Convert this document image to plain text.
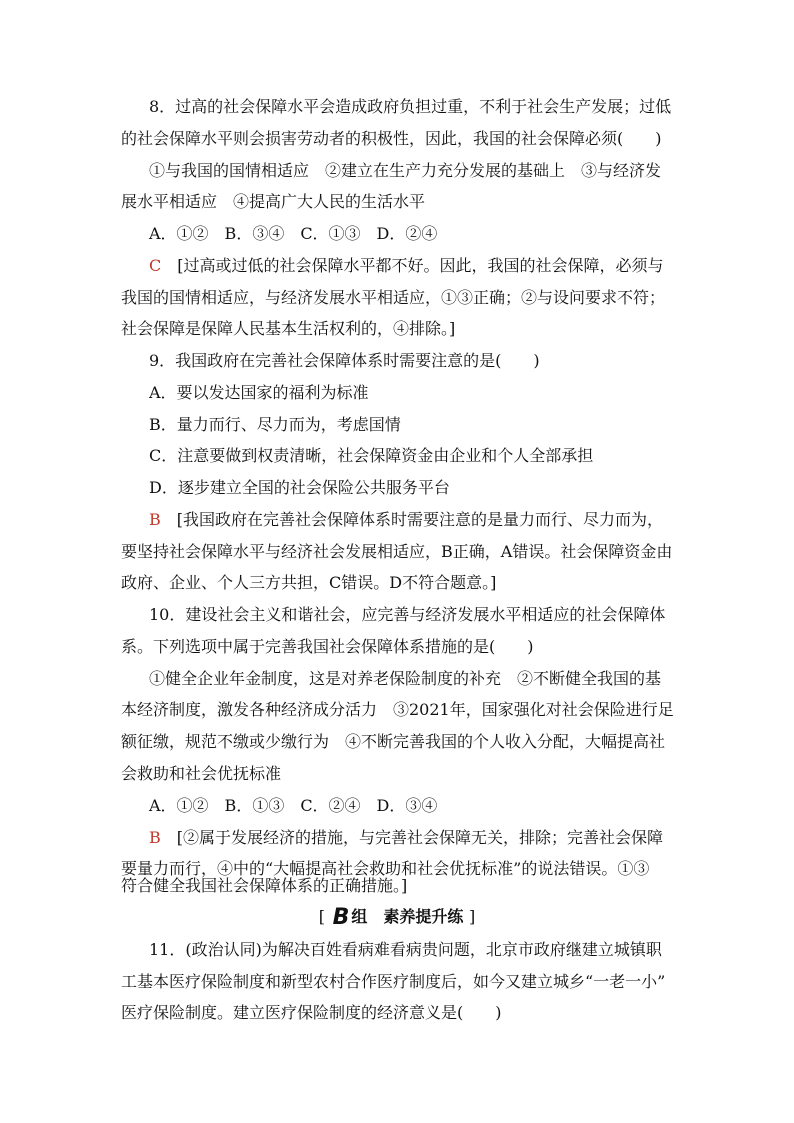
8．过高的社会保障水平会造成政府负担过重，不利于社会生产发展；过低
的社会保障水平则会损害劳动者的积极性，因此，我国的社会保障必须(　　)
①与我国的国情相适应　②建立在生产力充分发展的基础上　③与经济发
展水平相适应　④提高广大人民的生活水平
A．①②　B．③④　C．①③　D．②④
C　 [过高或过低的社会保障水平都不好。因此，我国的社会保障，必须与
我国的国情相适应，与经济发展水平相适应，①③正确；②与设问要求不符；
社会保障是保障人民基本生活权利的，④排除。]
9．我国政府在完善社会保障体系时需要注意的是(　　)
A．要以发达国家的福利为标准
B．量力而行、尽力而为，考虑国情
C．注意要做到权责清晰，社会保障资金由企业和个人全部承担
D．逐步建立全国的社会保险公共服务平台
B　 [我国政府在完善社会保障体系时需要注意的是量力而行、尽力而为，
要坚持社会保障水平与经济社会发展相适应，B正确，A错误。社会保障资金由
政府、企业、个人三方共担，C错误。D不符合题意。]
10．建设社会主义和谐社会，应完善与经济发展水平相适应的社会保障体
系。下列选项中属于完善我国社会保障体系措施的是(　　)
①健全企业年金制度，这是对养老保险制度的补充　②不断健全我国的基
本经济制度，激发各种经济成分活力　③2021年，国家强化对社会保险进行足
额征缴，规范不缴或少缴行为　④不断完善我国的个人收入分配，大幅提高社
会救助和社会优抚标准
A．①②　B．①③　C．②④　D．③④
B　 [②属于发展经济的措施，与完善社会保障无关，排除；完善社会保障
要量力而行，④中的“大幅提高社会救助和社会优抚标准”的说法错误。①③
符合健全我国社会保障体系的正确措施。]
[ B 组　素养提升练 ]
11．(政治认同)为解决百姓看病难看病贵问题，北京市政府继建立城镇职
工基本医疗保险制度和新型农村合作医疗制度后，如今又建立城乡“一老一小”
医疗保险制度。建立医疗保险制度的经济意义是(　　)
